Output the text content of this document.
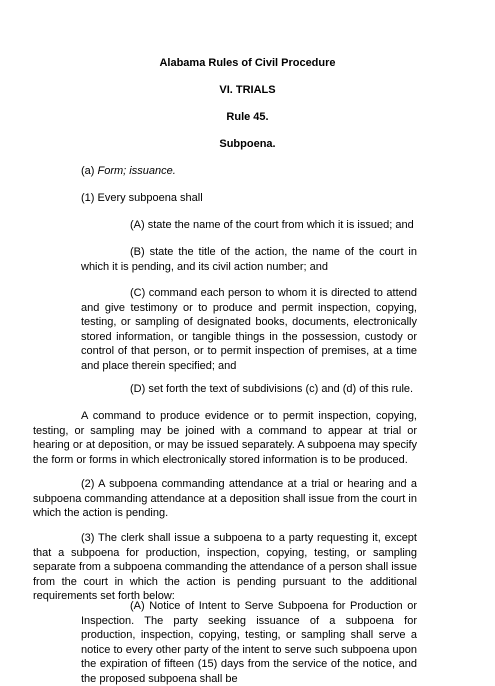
Alabama Rules of Civil Procedure
VI. TRIALS
Rule 45.
Subpoena.
(a) Form; issuance.
(1) Every subpoena shall
(A) state the name of the court from which it is issued; and
(B) state the title of the action, the name of the court in which it is pending, and its civil action number; and
(C) command each person to whom it is directed to attend and give testimony or to produce and permit inspection, copying, testing, or sampling of designated books, documents, electronically stored information, or tangible things in the possession, custody or control of that person, or to permit inspection of premises, at a time and place therein specified; and
(D) set forth the text of subdivisions (c) and (d) of this rule.
A command to produce evidence or to permit inspection, copying, testing, or sampling may be joined with a command to appear at trial or hearing or at deposition, or may be issued separately. A subpoena may specify the form or forms in which electronically stored information is to be produced.
(2) A subpoena commanding attendance at a trial or hearing and a subpoena commanding attendance at a deposition shall issue from the court in which the action is pending.
(3) The clerk shall issue a subpoena to a party requesting it, except that a subpoena for production, inspection, copying, testing, or sampling separate from a subpoena commanding the attendance of a person shall issue from the court in which the action is pending pursuant to the additional requirements set forth below:
(A) Notice of Intent to Serve Subpoena for Production or Inspection. The party seeking issuance of a subpoena for production, inspection, copying, testing, or sampling shall serve a notice to every other party of the intent to serve such subpoena upon the expiration of fifteen (15) days from the service of the notice, and the proposed subpoena shall be
